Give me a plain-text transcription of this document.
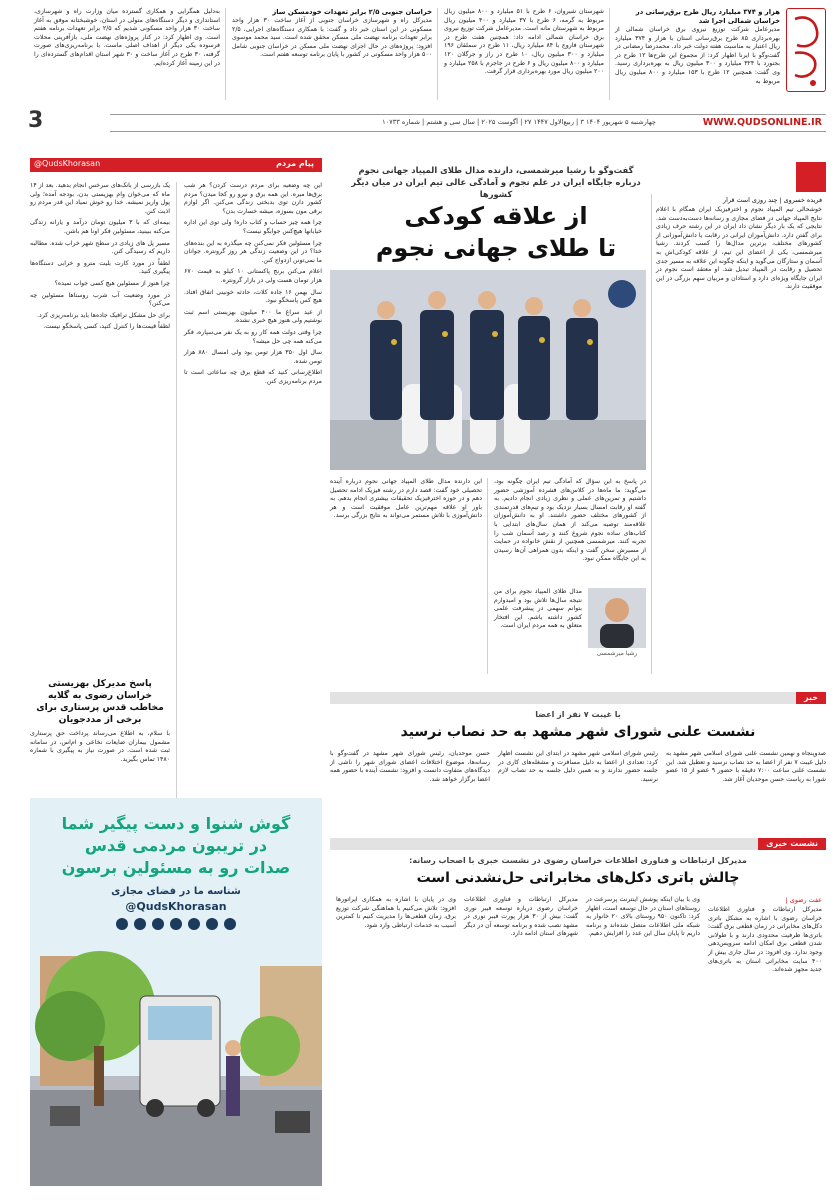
هزار و ۳۷۴ میلیارد ریال طرح برق‌رسانی در خراسان شمالی اجرا شد
مدیرعامل شرکت توزیع نیروی برق خراسان شمالی از بهره‌برداری ۸۵ طرح برق‌رسانی استان با هزار و ۳۷۴ میلیارد ریال اعتبار به مناسبت هفته دولت خبر داد. محمدرضا رمضانی در گفت‌وگو با ایرنا اظهار کرد: از مجموع این طرح‌ها ۱۲ طرح در بجنورد با ۳۲۴ میلیارد و ۳۰۰ میلیون ریال به بهره‌برداری رسید. وی گفت: همچنین ۱۲ طرح با ۱۵۳ میلیارد و ۸۰۰ میلیون ریال مربوط به
شهرستان شیروان، ۶ طرح با ۵۱ میلیارد و ۸۰۰ میلیون ریال مربوط به گرمه، ۶ طرح با ۳۷ میلیارد و ۴۰۰ میلیون ریال مربوط به شهرستان مانه است. مدیرعامل شرکت توزیع نیروی برق خراسان شمالی ادامه داد: همچنین هفت طرح در شهرستان فاروج با ۸۴ میلیارد ریال، ۱۱ طرح در سملقان ۱۹۶ میلیارد و ۳۰۰ میلیون ریال، ۱۰ طرح در راز و جرگلان ۱۲۰ میلیارد و ۸۰۰ میلیون ریال و ۶ طرح در جاجرم با ۲۵۸ میلیارد و ۲۰۰ میلیون ریال مورد بهره‌برداری قرار گرفت.
خراسان جنوبی ۲/۵ برابر تعهدات خودمسکن ساز
مدیرکل راه و شهرسازی خراسان جنوبی از آغاز ساخت ۳۰ هزار واحد مسکونی در این استان خبر داد و گفت: با همکاری دستگاه‌های اجرایی، ۲/۵ برابر تعهدات برنامه نهضت ملی مسکن محقق شده است. سید محمد موسوی افزود: پروژه‌های در حال اجرای نهضت ملی مسکن در خراسان جنوبی شامل ۵۰۰ هزار واحد مسکونی در کشور با پایان برنامه توسعه هفتم است.
به‌دلیل همگرایی و همکاری گسترده میان وزارت راه و شهرسازی، استانداری و دیگر دستگاه‌های متولی در استان، خوشبختانه موفق به آغاز ساخت ۳۰ هزار واحد مسکونی شدیم که ۲/۵ برابر تعهدات برنامه هفتم است. وی اظهار کرد: در کنار پروژه‌های نهضت ملی، بازآفرینی محلات فرسوده یکی دیگر از اهداف اصلی ماست. با برنامه‌ریزی‌های صورت گرفته، ۳۰ طرح در آغاز ساخت و ۳۰ شهر استان اقدام‌های گسترده‌ای را در این زمینه آغاز کرده‌ایم.
3	WWW.QUDSONLINE.IR
چهارشنبه ۵ شهریور ۱۴۰۴ ‎‎| ۳ ربیع‌الاول ۱۴۴۷ ‎|‎ ۲۷ آگوست ۲۰۲۵ ‎|‎ سال سی و هشتم ‎|‎ شماره ۱۰۷۳۳
پیام مردم
@QudsKhorasan

این چه وضعیه برای مردم درست کردن؟ هر شب برق‌ها میره. این همه برق و نیرو رو کجا میدن؟ مردم کشور دارن توی بدبختی زندگی می‌کنن. اگر لوازم برقی مون بسوزه، میشه خسارت بدن؟

چرا همه چیز حساب و کتاب داره! ولی توی این اداره خیابانها هیچ‌کس جوابگو نیست؟

چرا مسئولین فکر نمی‌کنن چه میگذره به این بنده‌های خدا؟ در این وضعیت زندگی هر روز گرونتره. جوانان ما نمی‌تونن ازدواج کنن.

اعلام می‌کنن برنج پاکستانی ۱۰ کیلو به قیمت ۶۷۰ هزار تومان هست ولی در بازار گرونتره.

سال بهمن ۱۶ جاده کلات، حادثه خونینی اتفاق افتاد. هیچ کس پاسخگو نبود.

از عید سراغ ما ۴۰۰ میلیون بهزیستی اسم ثبت نوشتیم ولی هنوز هیچ خبری نشده.

چرا وقتی دولت همه کار رو به یک نفر می‌سپاره، فکر می‌کنه همه چی حل میشه؟

سال اول ۳۵۰ هزار تومن بود ولی امسال ۸۸۰ هزار تومن شده.

اطلاع‌رسانی کنید که قطع برق چه ساعاتی است تا مردم برنامه‌ریزی کنن.

یک بازرسی از بانک‌های سرخس انجام بدهید. بعد از ۱۴ ماه که می‌خوان وام بهزیستی بدن، بودجه آمده؛ ولی پول واریز نمیشه. خدا رو خوش نمیاد این قدر مردم رو اذیت کنن.

بیمه‌ای که با ۳ میلیون تومان درآمد و یارانه زندگی می‌کنه ببینید، مسئولین فکر اونا هم باشن.

مسیر پل های زیادی در سطح شهر خراب شده. مطالبه داریم که رسیدگی کنن.

لطفاً در مورد کارت بلیت مترو و خرابی دستگاه‌ها پیگیری کنید.

چرا هنوز از مسئولین هیچ کسی جواب نمیده؟

در مورد وضعیت آب شرب روستاها مسئولین چه می‌کنن؟

برای حل مشکل ترافیک جاده‌ها باید برنامه‌ریزی کرد.

لطفاً قیمت‌ها را کنترل کنید، کسی پاسخگو نیست.

پاسخ مدیرکل بهزیستی خراسان رضوی به گلایه مخاطب قدس پرستاری برای برخی از مددجویان
با سلام، به اطلاع می‌رساند پرداخت حق پرستاری مشمول بیماران ضایعات نخاعی و ام‌اس، در سامانه ثبت شده است. در صورت نیاز به پیگیری با شماره ۱۴۸۰ تماس بگیرید.
گوش شنوا و دست پیگیر شما
در تریبون مردمی قدس
صدات رو به مسئولین برسون
شناسه ما در فضای مجازی
@QudsKhorasan
گفت‌وگو با رشیا میرشمسی، دارنده مدال طلای المپیاد جهانی نجوم درباره جایگاه ایران در علم نجوم و آمادگی عالی تیم ایران در میان دیگر کشورها
از علاقه کودکی
تا طلای جهانی نجوم
فریده خسروی | چند روزی است قرار
خوشحالی تیم المپیاد نجوم و اخترفیزیک ایران همگام با اعلام نتایج المپیاد جهانی در فضای مجازی و رسانه‌ها دست‌به‌دست شد. نتایجی که یک بار دیگر نشان داد ایران در این رشته حرف زیادی برای گفتن دارد. دانش‌آموزان ایرانی در رقابت با دانش‌آموزانی از کشورهای مختلف، برترین مدال‌ها را کسب کردند. رشیا میرشمسی، یکی از اعضای این تیم، از علاقه کودکی‌اش به آسمان و ستارگان می‌گوید و اینکه چگونه این علاقه به مسیر جدی تحصیل و رقابت در المپیاد تبدیل شد. او معتقد است نجوم در ایران جایگاه ویژه‌ای دارد و استادان و مربیان سهم بزرگی در این موفقیت دارند.
در پاسخ به این سؤال که آمادگی تیم ایران چگونه بود، می‌گوید: ما ماه‌ها در کلاس‌های فشرده آموزشی حضور داشتیم و تمرین‌های عملی و نظری زیادی انجام دادیم. به گفته او رقابت امسال بسیار نزدیک بود و تیم‌های قدرتمندی از کشورهای مختلف حضور داشتند. او به دانش‌آموزان علاقه‌مند توصیه می‌کند از همان سال‌های ابتدایی با کتاب‌های ساده نجوم شروع کنند و رصد آسمان شب را تجربه کنند. میرشمسی همچنین از نقش خانواده در حمایت از مسیرش سخن گفت و اینکه بدون همراهی آن‌ها رسیدن به این جایگاه ممکن نبود.
این دارنده مدال طلای المپیاد جهانی نجوم درباره آینده تحصیلی خود گفت: قصد دارم در رشته فیزیک ادامه تحصیل دهم و در حوزه اخترفیزیک تحقیقات بیشتری انجام بدهم. به باور او علاقه مهم‌ترین عامل موفقیت است و هر دانش‌آموزی با تلاش مستمر می‌تواند به نتایج بزرگی برسد.
رشیا میرشمسی
مدال طلای المپیاد نجوم برای من نتیجه سال‌ها تلاش بود و امیدوارم بتوانم سهمی در پیشرفت علمی کشور داشته باشم. این افتخار متعلق به همه مردم ایران است.
خبر
با غیبت ۷ نفر از اعضا
نشست علنی شورای شهر مشهد به حد نصاب نرسید
صدوپنجاه و نهمین نشست علنی شورای اسلامی شهر مشهد به دلیل غیبت ۷ نفر از اعضا به حد نصاب نرسید و تعطیل شد. این نشست علنی ساعت ۷:۰۰ دقیقه با حضور ۹ عضو از ۱۵ عضو شورا به ریاست حسن موحدیان آغاز شد.
رئیس شورای اسلامی شهر مشهد در ابتدای این نشست اظهار کرد: تعدادی از اعضا به دلیل مسافرت و مشغله‌های کاری در جلسه حضور ندارند و به همین دلیل جلسه به حد نصاب لازم نرسید.
حسن موحدیان، رئیس شورای شهر مشهد در گفت‌وگو با رسانه‌ها، موضوع اختلافات اعضای شورای شهر را ناشی از دیدگاه‌های متفاوت دانست و افزود: نشست آینده با حضور همه اعضا برگزار خواهد شد.
نشست خبری
مدیرکل ارتباطات و فناوری اطلاعات خراسان رضوی در نشست خبری با اصحاب رسانه:
چالش باتری دکل‌های مخابراتی حل‌نشدنی است
عفت رضوی |
مدیرکل ارتباطات و فناوری اطلاعات خراسان رضوی با اشاره به مشکل باتری دکل‌های مخابراتی در زمان قطعی برق گفت: باتری‌ها ظرفیت محدودی دارند و با طولانی شدن قطعی برق امکان ادامه سرویس‌دهی وجود ندارد. وی افزود: در سال جاری بیش از ۴۰۰ سایت مخابراتی استان به باتری‌های جدید مجهز شده‌اند.
وی با بیان اینکه پوشش اینترنت پرسرعت در روستاهای استان در حال توسعه است، اظهار کرد: تاکنون ۹۵۰ روستای بالای ۲۰ خانوار به شبکه ملی اطلاعات متصل شده‌اند و برنامه داریم تا پایان سال این عدد را افزایش دهیم.
مدیرکل ارتباطات و فناوری اطلاعات خراسان رضوی درباره توسعه فیبر نوری گفت: بیش از ۳۰ هزار پورت فیبر نوری در مشهد نصب شده و برنامه توسعه آن در دیگر شهرهای استان ادامه دارد.
وی در پایان با اشاره به همکاری اپراتورها افزود: تلاش می‌کنیم با هماهنگی شرکت توزیع برق، زمان قطعی‌ها را مدیریت کنیم تا کمترین آسیب به خدمات ارتباطی وارد شود.
